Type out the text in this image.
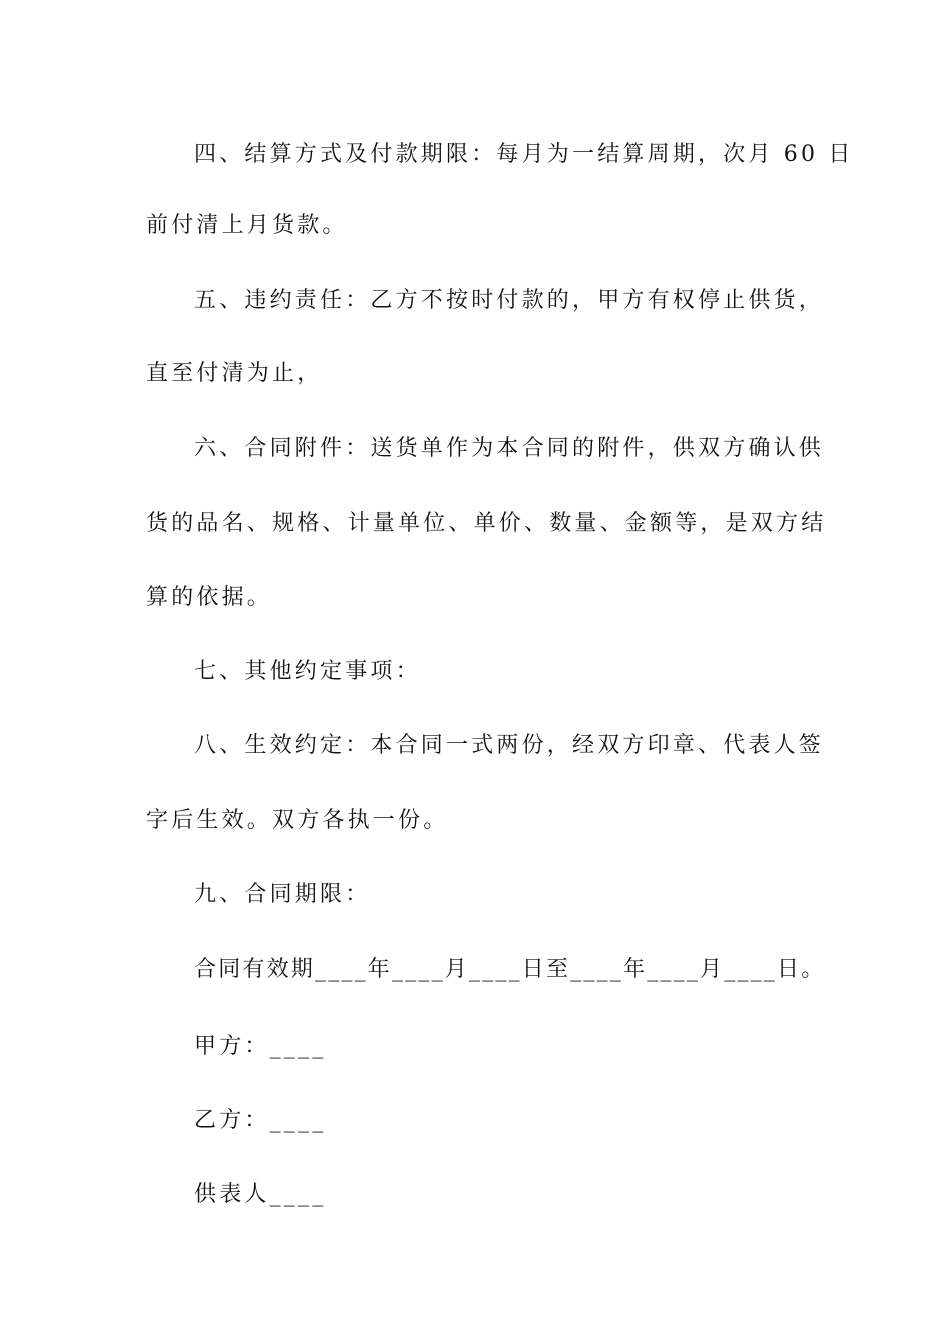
四、结算方式及付款期限：每月为一结算周期，次月 60 日
前付清上月货款。
五、违约责任：乙方不按时付款的，甲方有权停止供货，
直至付清为止，
六、合同附件：送货单作为本合同的附件，供双方确认供
货的品名、规格、计量单位、单价、数量、金额等，是双方结
算的依据。
七、其他约定事项：
八、生效约定：本合同一式两份，经双方印章、代表人签
字后生效。双方各执一份。
九、合同期限：
合同有效期____年____月____日至____年____月____日。
甲方：____
乙方：____
供表人____
